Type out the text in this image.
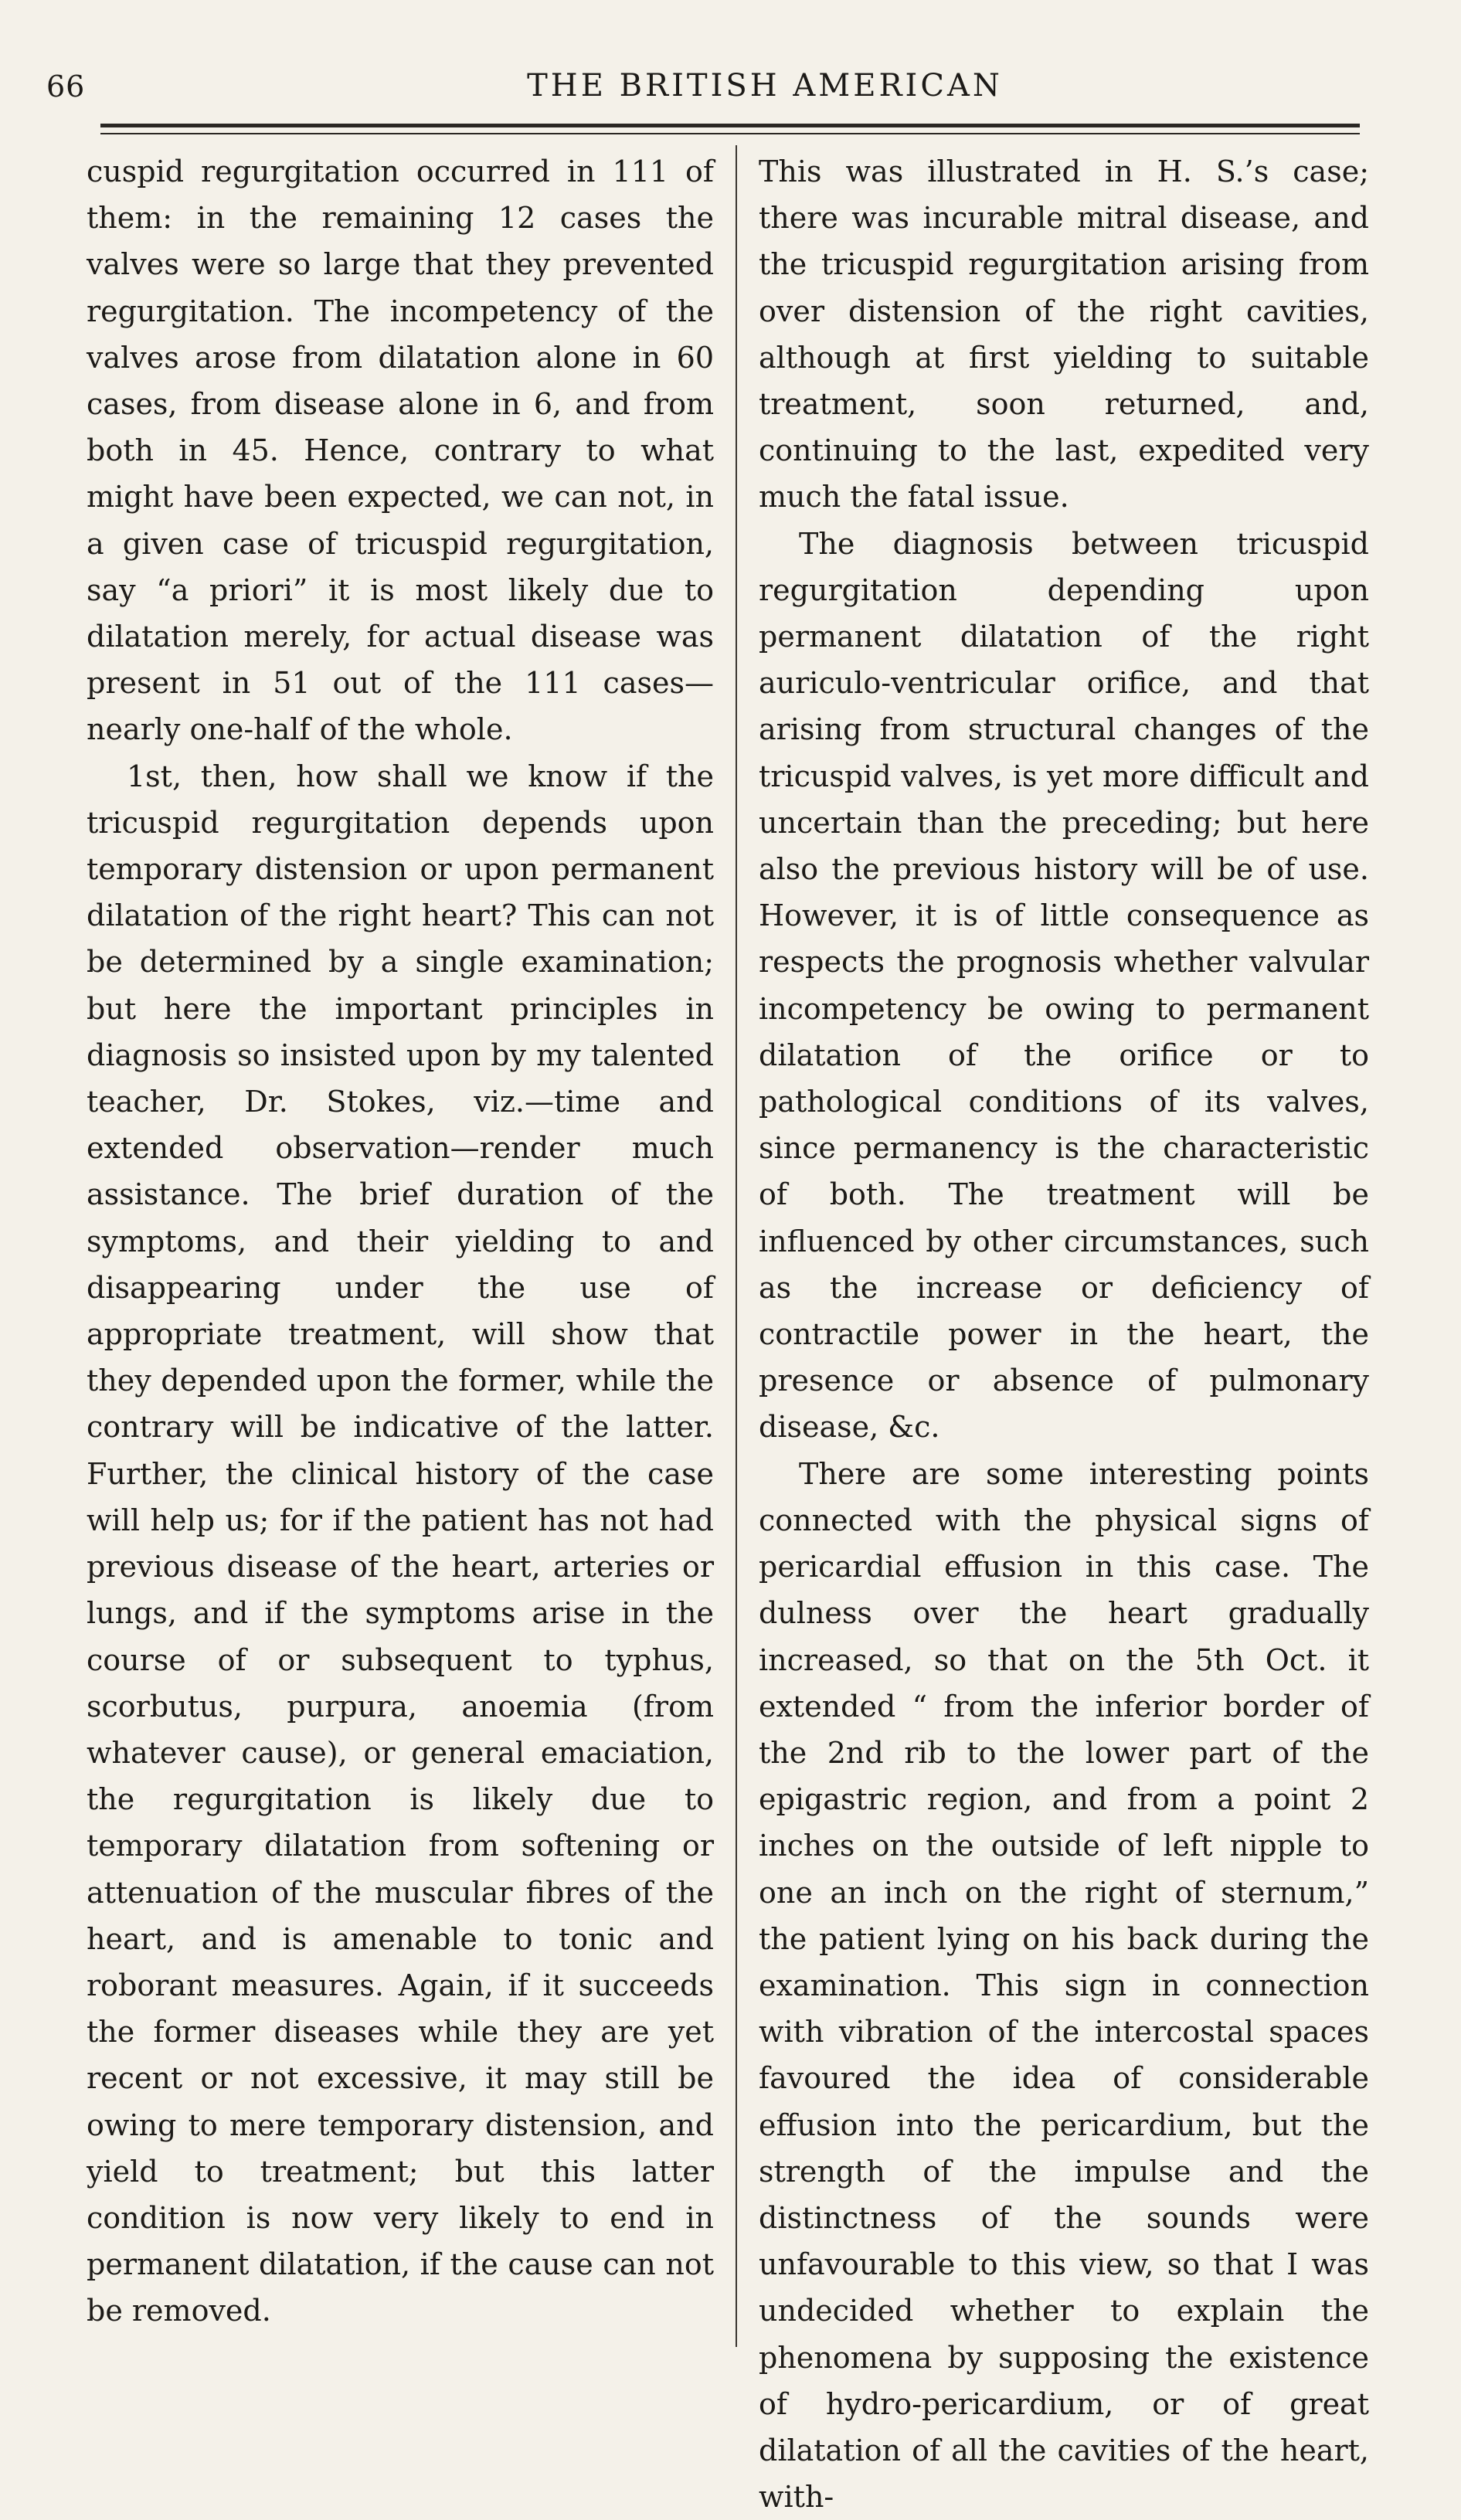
66	THE BRITISH AMERICAN

cuspid regurgitation occurred in 111 of them: in the remaining 12 cases the valves were so large that they prevented regurgitation. The incompetency of the valves arose from dilatation alone in 60 cases, from disease alone in 6, and from both in 45. Hence, contrary to what might have been expected, we can not, in a given case of tricuspid regurgitation, say “a priori” it is most likely due to dilatation merely, for actual disease was present in 51 out of the 111 cases—nearly one-half of the whole.

1st, then, how shall we know if the tricuspid regurgitation depends upon temporary distension or upon permanent dilatation of the right heart? This can not be determined by a single examination; but here the important principles in diagnosis so insisted upon by my talented teacher, Dr. Stokes, viz.—time and extended observation—render much assistance. The brief duration of the symptoms, and their yielding to and disappearing under the use of appropriate treatment, will show that they depended upon the former, while the contrary will be indicative of the latter. Further, the clinical history of the case will help us; for if the patient has not had previous disease of the heart, arteries or lungs, and if the symptoms arise in the course of or subsequent to typhus, scorbutus, purpura, anoemia (from whatever cause), or general emaciation, the regurgitation is likely due to temporary dilatation from softening or attenuation of the muscular fibres of the heart, and is amenable to tonic and roborant measures. Again, if it succeeds the former diseases while they are yet recent or not excessive, it may still be owing to mere temporary distension, and yield to treatment; but this latter condition is now very likely to end in permanent dilatation, if the cause can not be removed.

This was illustrated in H. S.’s case; there was incurable mitral disease, and the tricuspid regurgitation arising from over distension of the right cavities, although at first yielding to suitable treatment, soon returned, and, continuing to the last, expedited very much the fatal issue.

The diagnosis between tricuspid regurgitation depending upon permanent dilatation of the right auriculo-ventricular orifice, and that arising from structural changes of the tricuspid valves, is yet more difficult and uncertain than the preceding; but here also the previous history will be of use. However, it is of little consequence as respects the prognosis whether valvular incompetency be owing to permanent dilatation of the orifice or to pathological conditions of its valves, since permanency is the characteristic of both. The treatment will be influenced by other circumstances, such as the increase or deficiency of contractile power in the heart, the presence or absence of pulmonary disease, &c.

There are some interesting points connected with the physical signs of pericardial effusion in this case. The dulness over the heart gradually increased, so that on the 5th Oct. it extended “ from the inferior border of the 2nd rib to the lower part of the epigastric region, and from a point 2 inches on the outside of left nipple to one an inch on the right of sternum,” the patient lying on his back during the examination. This sign in connection with vibration of the intercostal spaces favoured the idea of considerable effusion into the pericardium, but the strength of the impulse and the distinctness of the sounds were unfavourable to this view, so that I was undecided whether to explain the phenomena by supposing the existence of hydro-pericardium, or of great dilatation of all the cavities of the heart, with-
